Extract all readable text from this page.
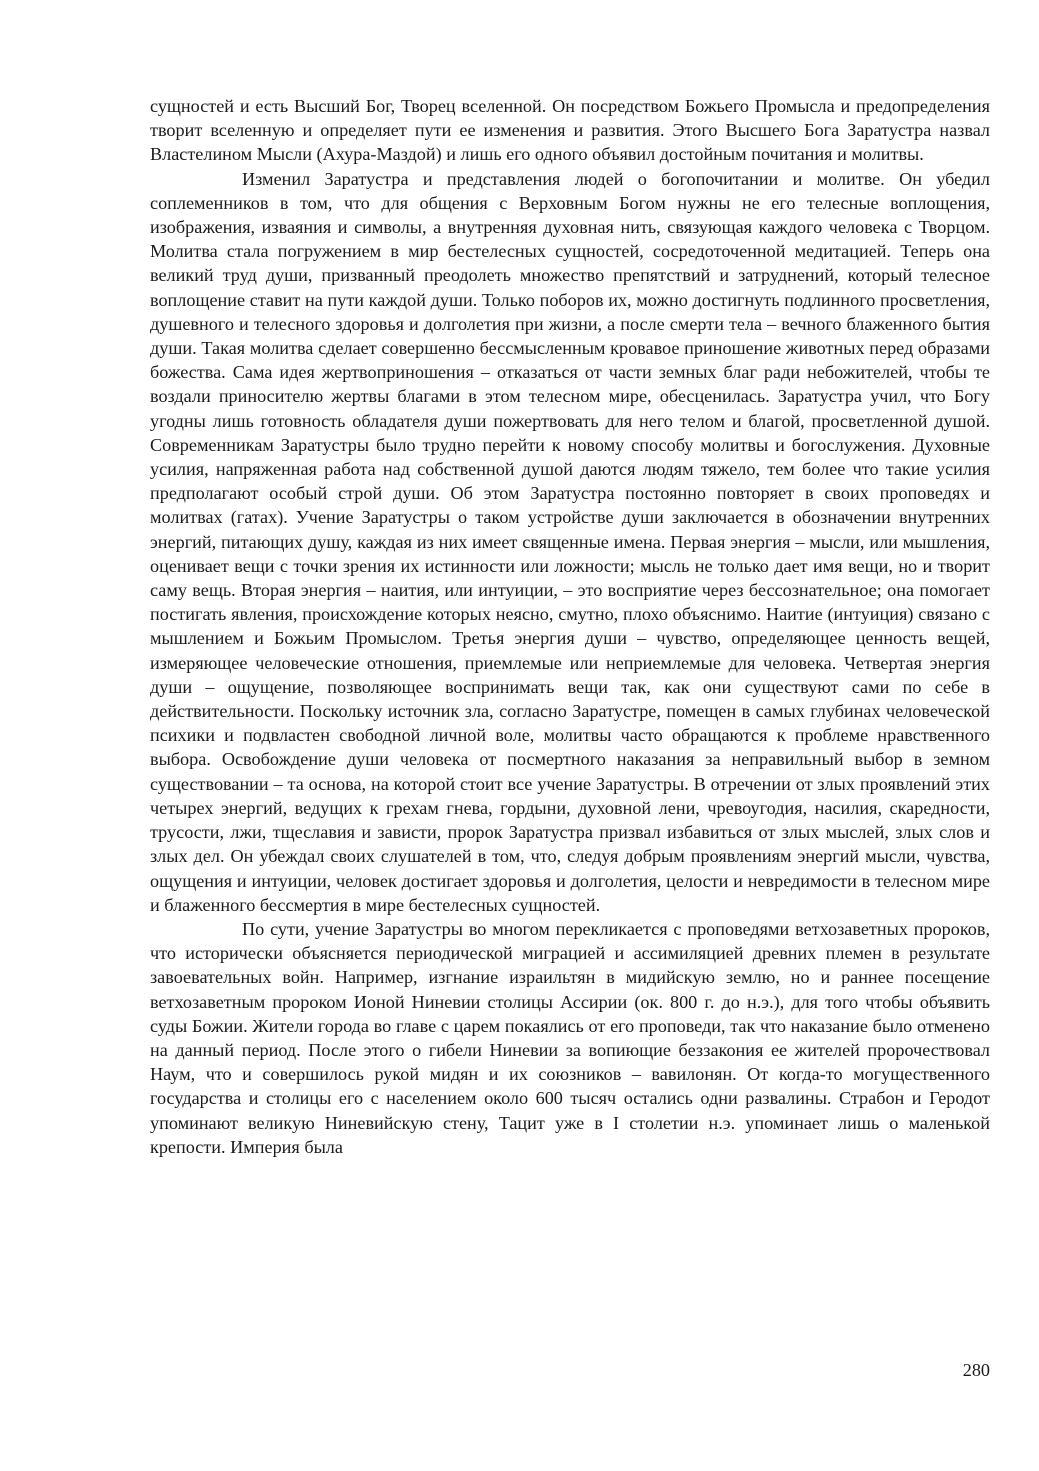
сущностей и есть Высший Бог, Творец вселенной. Он посредством Божьего Промысла и предопределения творит вселенную и определяет пути ее изменения и развития. Этого Высшего Бога Заратустра назвал Властелином Мысли (Ахура-Маздой) и лишь его одного объявил достойным почитания и молитвы.

Изменил Заратустра и представления людей о богопочитании и молитве. Он убедил соплеменников в том, что для общения с Верховным Богом нужны не его телесные воплощения, изображения, изваяния и символы, а внутренняя духовная нить, связующая каждого человека с Творцом. Молитва стала погружением в мир бестелесных сущностей, сосредоточенной медитацией. Теперь она великий труд души, призванный преодолеть множество препятствий и затруднений, который телесное воплощение ставит на пути каждой души. Только поборов их, можно достигнуть подлинного просветления, душевного и телесного здоровья и долголетия при жизни, а после смерти тела – вечного блаженного бытия души. Такая молитва сделает совершенно бессмысленным кровавое приношение животных перед образами божества. Сама идея жертвоприношения – отказаться от части земных благ ради небожителей, чтобы те воздали приносителю жертвы благами в этом телесном мире, обесценилась. Заратустра учил, что Богу угодны лишь готовность обладателя души пожертвовать для него телом и благой, просветленной душой. Современникам Заратустры было трудно перейти к новому способу молитвы и богослужения. Духовные усилия, напряженная работа над собственной душой даются людям тяжело, тем более что такие усилия предполагают особый строй души. Об этом Заратустра постоянно повторяет в своих проповедях и молитвах (гатах). Учение Заратустры о таком устройстве души заключается в обозначении внутренних энергий, питающих душу, каждая из них имеет священные имена. Первая энергия – мысли, или мышления, оценивает вещи с точки зрения их истинности или ложности; мысль не только дает имя вещи, но и творит саму вещь. Вторая энергия – наития, или интуиции, – это восприятие через бессознательное; она помогает постигать явления, происхождение которых неясно, смутно, плохо объяснимо. Наитие (интуиция) связано с мышлением и Божьим Промыслом. Третья энергия души – чувство, определяющее ценность вещей, измеряющее человеческие отношения, приемлемые или неприемлемые для человека. Четвертая энергия души – ощущение, позволяющее воспринимать вещи так, как они существуют сами по себе в действительности. Поскольку источник зла, согласно Заратустре, помещен в самых глубинах человеческой психики и подвластен свободной личной воле, молитвы часто обращаются к проблеме нравственного выбора. Освобождение души человека от посмертного наказания за неправильный выбор в земном существовании – та основа, на которой стоит все учение Заратустры. В отречении от злых проявлений этих четырех энергий, ведущих к грехам гнева, гордыни, духовной лени, чревоугодия, насилия, скаредности, трусости, лжи, тщеславия и зависти, пророк Заратустра призвал избавиться от злых мыслей, злых слов и злых дел. Он убеждал своих слушателей в том, что, следуя добрым проявлениям энергий мысли, чувства, ощущения и интуиции, человек достигает здоровья и долголетия, целости и невредимости в телесном мире и блаженного бессмертия в мире бестелесных сущностей.

По сути, учение Заратустры во многом перекликается с проповедями ветхозаветных пророков, что исторически объясняется периодической миграцией и ассимиляцией древних племен в результате завоевательных войн. Например, изгнание израильтян в мидийскую землю, но и раннее посещение ветхозаветным пророком Ионой Ниневии столицы Ассирии (ок. 800 г. до н.э.), для того чтобы объявить суды Божии. Жители города во главе с царем покаялись от его проповеди, так что наказание было отменено на данный период. После этого о гибели Ниневии за вопиющие беззакония ее жителей пророчествовал Наум, что и совершилось рукой мидян и их союзников – вавилонян. От когда-то могущественного государства и столицы его с населением около 600 тысяч остались одни развалины. Страбон и Геродот упоминают великую Ниневийскую стену, Тацит уже в I столетии н.э. упоминает лишь о маленькой крепости. Империя была

280
